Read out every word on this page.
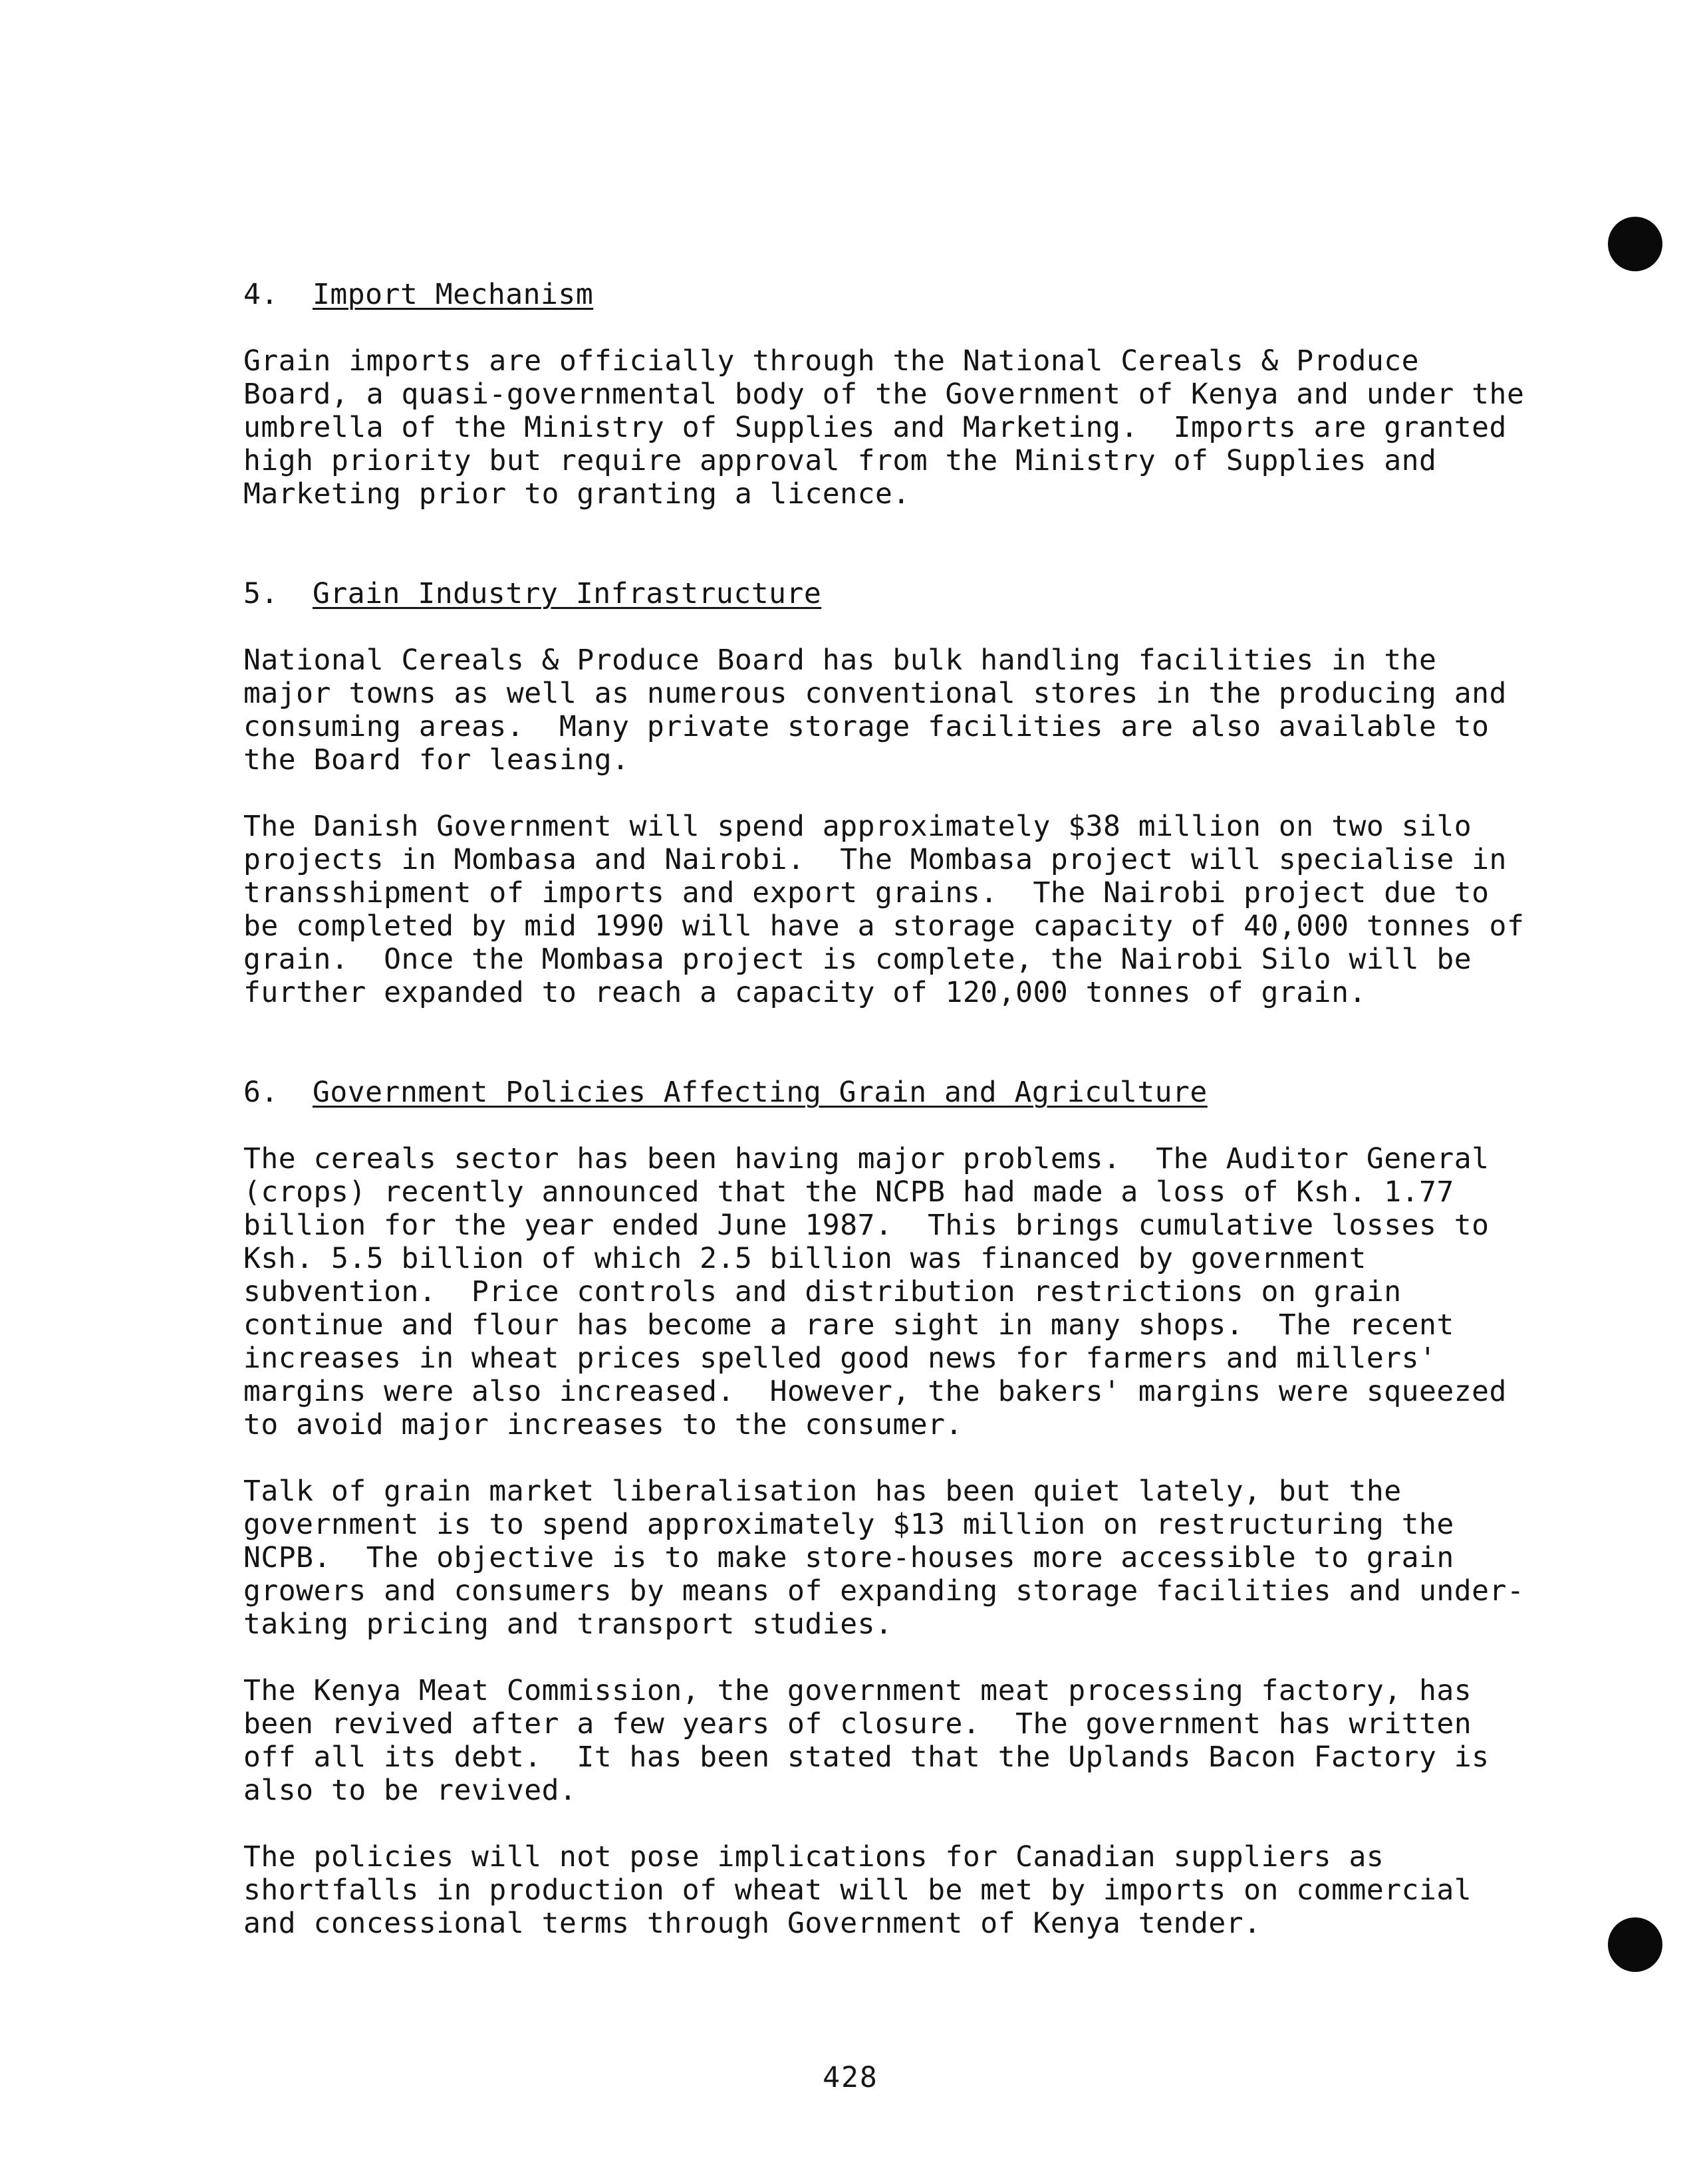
4. Import Mechanism

Grain imports are officially through the National Cereals & Produce
Board, a quasi-governmental body of the Government of Kenya and under the
umbrella of the Ministry of Supplies and Marketing.  Imports are granted
high priority but require approval from the Ministry of Supplies and
Marketing prior to granting a licence.

5. Grain Industry Infrastructure

National Cereals & Produce Board has bulk handling facilities in the
major towns as well as numerous conventional stores in the producing and
consuming areas.  Many private storage facilities are also available to
the Board for leasing.

The Danish Government will spend approximately $38 million on two silo
projects in Mombasa and Nairobi.  The Mombasa project will specialise in
transshipment of imports and export grains.  The Nairobi project due to
be completed by mid 1990 will have a storage capacity of 40,000 tonnes of
grain.  Once the Mombasa project is complete, the Nairobi Silo will be
further expanded to reach a capacity of 120,000 tonnes of grain.

6. Government Policies Affecting Grain and Agriculture

The cereals sector has been having major problems.  The Auditor General
(crops) recently announced that the NCPB had made a loss of Ksh. 1.77
billion for the year ended June 1987.  This brings cumulative losses to
Ksh. 5.5 billion of which 2.5 billion was financed by government
subvention.  Price controls and distribution restrictions on grain
continue and flour has become a rare sight in many shops.  The recent
increases in wheat prices spelled good news for farmers and millers'
margins were also increased.  However, the bakers' margins were squeezed
to avoid major increases to the consumer.

Talk of grain market liberalisation has been quiet lately, but the
government is to spend approximately $13 million on restructuring the
NCPB.  The objective is to make store-houses more accessible to grain
growers and consumers by means of expanding storage facilities and under-
taking pricing and transport studies.

The Kenya Meat Commission, the government meat processing factory, has
been revived after a few years of closure.  The government has written
off all its debt.  It has been stated that the Uplands Bacon Factory is
also to be revived.

The policies will not pose implications for Canadian suppliers as
shortfalls in production of wheat will be met by imports on commercial
and concessional terms through Government of Kenya tender.

428
